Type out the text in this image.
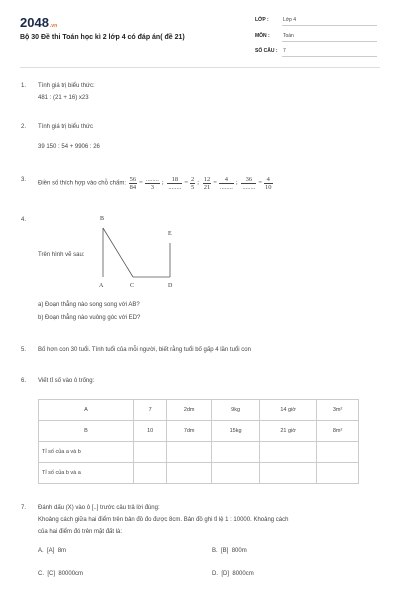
2048.vn
Bộ 30 Đề thi Toán học kì 2 lớp 4 có đáp án( đề 21)
LỚP :	Lớp 4
MÔN :	Toán
SỐ CÂU : 7
1. Tính giá trị biểu thức:
481 : (21 + 16) x23
2. Tính giá trị biểu thức
39 150 : 54 + 9906 : 26
3.
Điền số thích hợp vào chỗ chấm: $\frac{56}{84} = \frac{........}{3}$ ; $\frac{18}{........} = \frac{2}{5}$ ; $\frac{12}{21} = \frac{4}{........}$ ; $\frac{36}{........} = \frac{4}{10}$
4.
Trên hình vẽ sau:
B
A	C	D
E
a) Đoạn thẳng nào song song với AB?
b) Đoạn thẳng nào vuông góc với ED?
5. Bố hơn con 30 tuổi. Tính tuổi của mỗi người, biết rằng tuổi bố gấp 4 lần tuổi con
6. Viết tỉ số vào ô trống:
A	7	2dm	9kg	14 giờ	3m²
B	10	7dm	15kg	21 giờ	8m²
Tỉ số của a và b					
Tỉ số của b và a					
7. Đánh dấu (X) vào ô [..] trước câu trả lời đúng:
Khoảng cách giữa hai điểm trên bản đồ đo được 8cm. Bản đồ ghi tỉ lệ 1 : 10000. Khoảng cách
của hai điểm đó trên mặt đất là:
A. [A] 8m	B. [B] 800m
C. [C] 80000cm	D. [D] 8000cm
